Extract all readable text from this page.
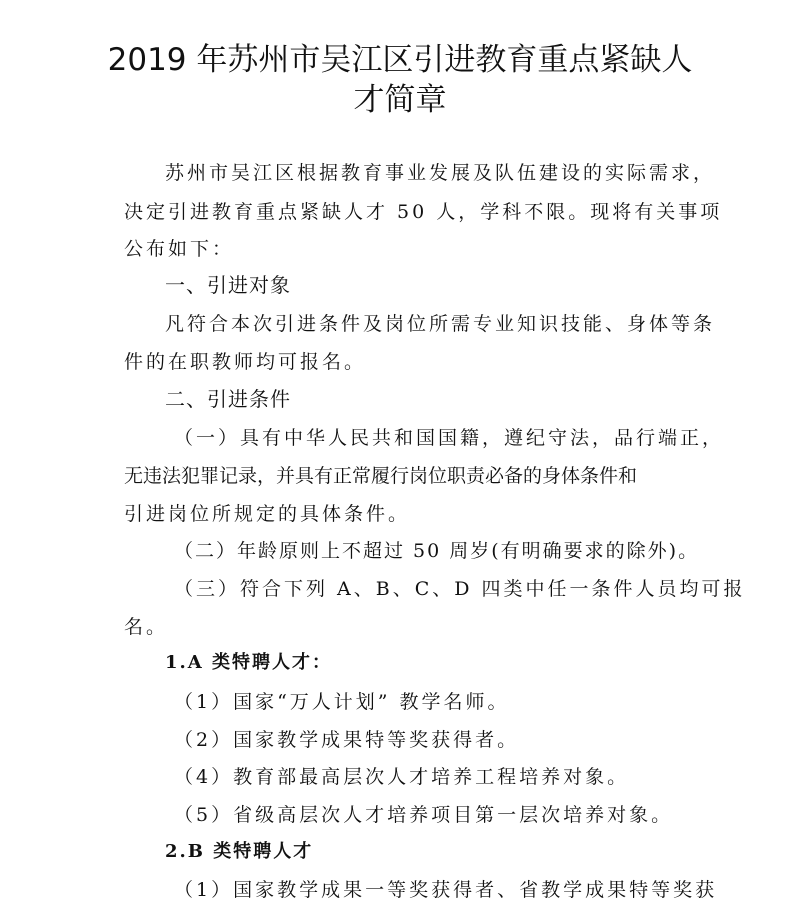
2019 年苏州市吴江区引进教育重点紧缺人
才简章
苏州市吴江区根据教育事业发展及队伍建设的实际需求，
决定引进教育重点紧缺人才 50 人，学科不限。现将有关事项
公布如下：
一、引进对象
凡符合本次引进条件及岗位所需专业知识技能、身体等条
件的在职教师均可报名。
二、引进条件
（一）具有中华人民共和国国籍，遵纪守法，品行端正，
无违法犯罪记录，并具有正常履行岗位职责必备的身体条件和
引进岗位所规定的具体条件。
（二）年龄原则上不超过 50 周岁(有明确要求的除外)。
（三）符合下列 A、B、C、D 四类中任一条件人员均可报
名。
1.A 类特聘人才：
（1）国家“万人计划” 教学名师。
（2）国家教学成果特等奖获得者。
（4）教育部最高层次人才培养工程培养对象。
（5）省级高层次人才培养项目第一层次培养对象。
2.B 类特聘人才
（1）国家教学成果一等奖获得者、省教学成果特等奖获
